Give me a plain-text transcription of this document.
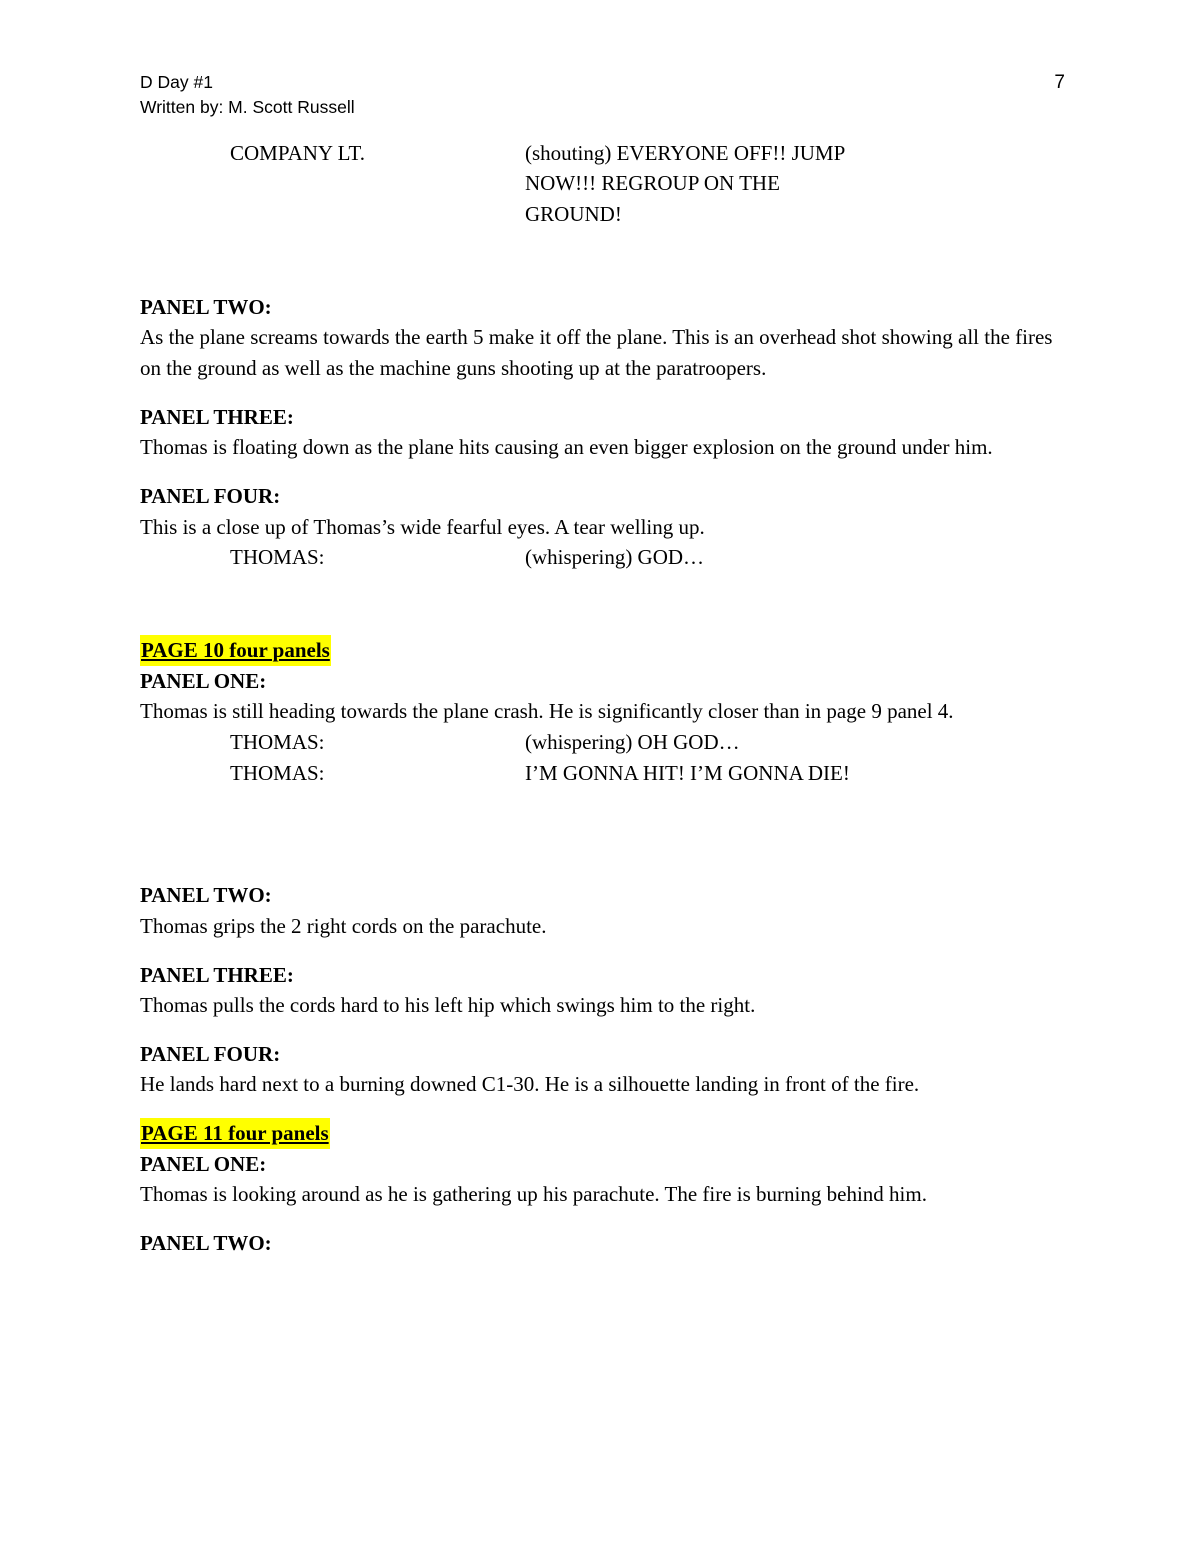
D Day #1
Written by: M. Scott Russell
7
COMPANY LT.	(shouting) EVERYONE OFF!! JUMP
NOW!!! REGROUP ON THE
GROUND!
PANEL TWO:
As the plane screams towards the earth 5 make it off the plane. This is an overhead shot showing all the fires on the ground as well as the machine guns shooting up at the paratroopers.
PANEL THREE:
Thomas is floating down as the plane hits causing an even bigger explosion on the ground under him.
PANEL FOUR:
This is a close up of Thomas’s wide fearful eyes. A tear welling up.
THOMAS:	(whispering) GOD…
PAGE 10 four panels
PANEL ONE:
Thomas is still heading towards the plane crash. He is significantly closer than in page 9 panel 4.
THOMAS:	(whispering) OH GOD…
THOMAS:	I’M GONNA HIT! I’M GONNA DIE!
PANEL TWO:
Thomas grips the 2 right cords on the parachute.
PANEL THREE:
Thomas pulls the cords hard to his left hip which swings him to the right.
PANEL FOUR:
He lands hard next to a burning downed C1-30. He is a silhouette landing in front of the fire.
PAGE 11 four panels
PANEL ONE:
Thomas is looking around as he is gathering up his parachute. The fire is burning behind him.
PANEL TWO:
